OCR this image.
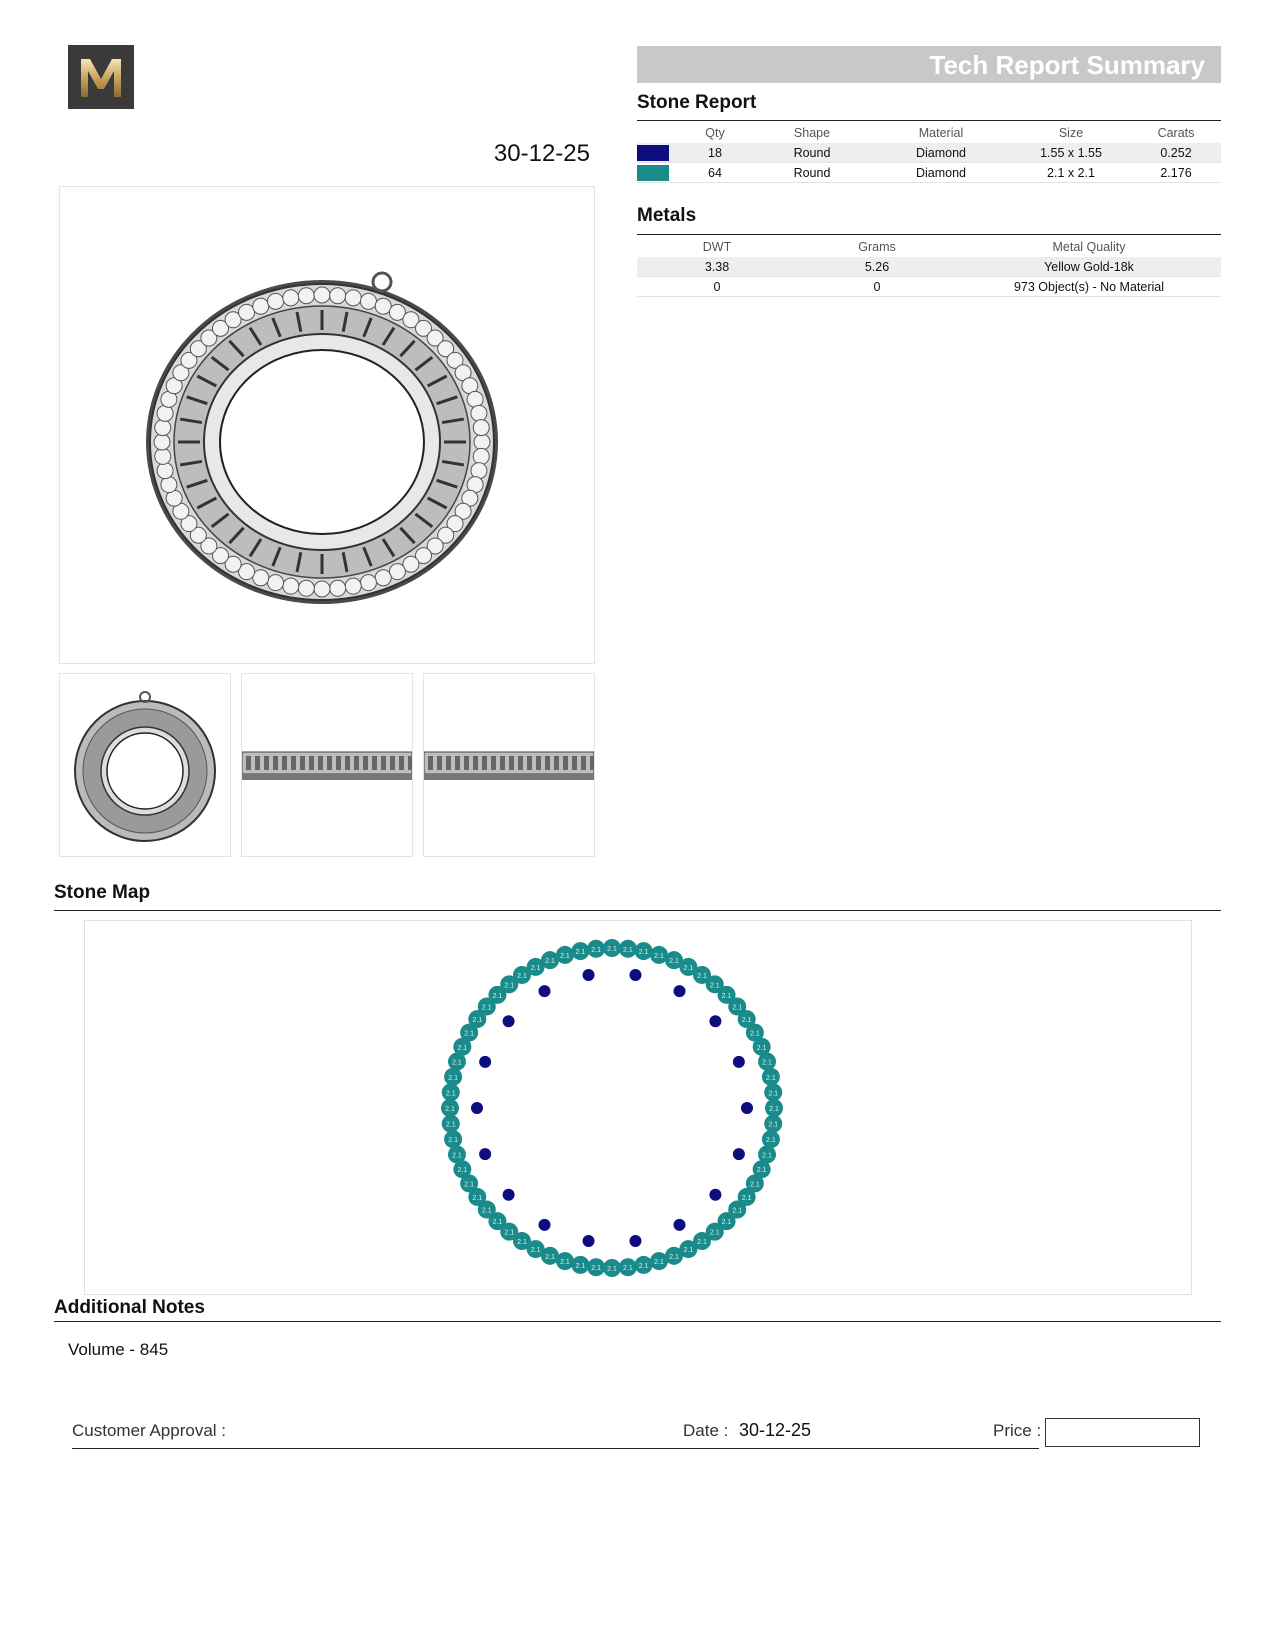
30-12-25
Tech Report Summary
Stone Report
	Qty	Shape	Material	Size	Carats
	18	Round	Diamond	1.55 x 1.55	0.252
	64	Round	Diamond	2.1 x 2.1	2.176
Metals
DWT	Grams	Metal Quality
3.38	5.26	Yellow Gold-18k
0	0	973 Object(s) - No Material
Stone Map
2.1 2.1 2.1
2.1
2.1
2.1
2.1
2.1
2.1
2.1
2.1
2.1
2.1
2.1
2.1
2.1
2.1
2.1
2.1
2.1
2.1
2.1
2.1
2.1
2.1
2.1
2.1
2.1
2.1
2.1
2.1
2.1
2.1
2.1
2.1
2.1
2.1
2.1
2.1
2.1
2.1
2.1
2.1
2.1
2.1
2.1
2.1
2.1
2.1
2.1
2.1
2.1
2.1
2.1
2.1
2.1
2.1
2.1
2.1
2.1
2.1
2.1
2.1 2.1
Additional Notes
Volume - 845
Customer Approval :	Date : 30-12-25	Price :
